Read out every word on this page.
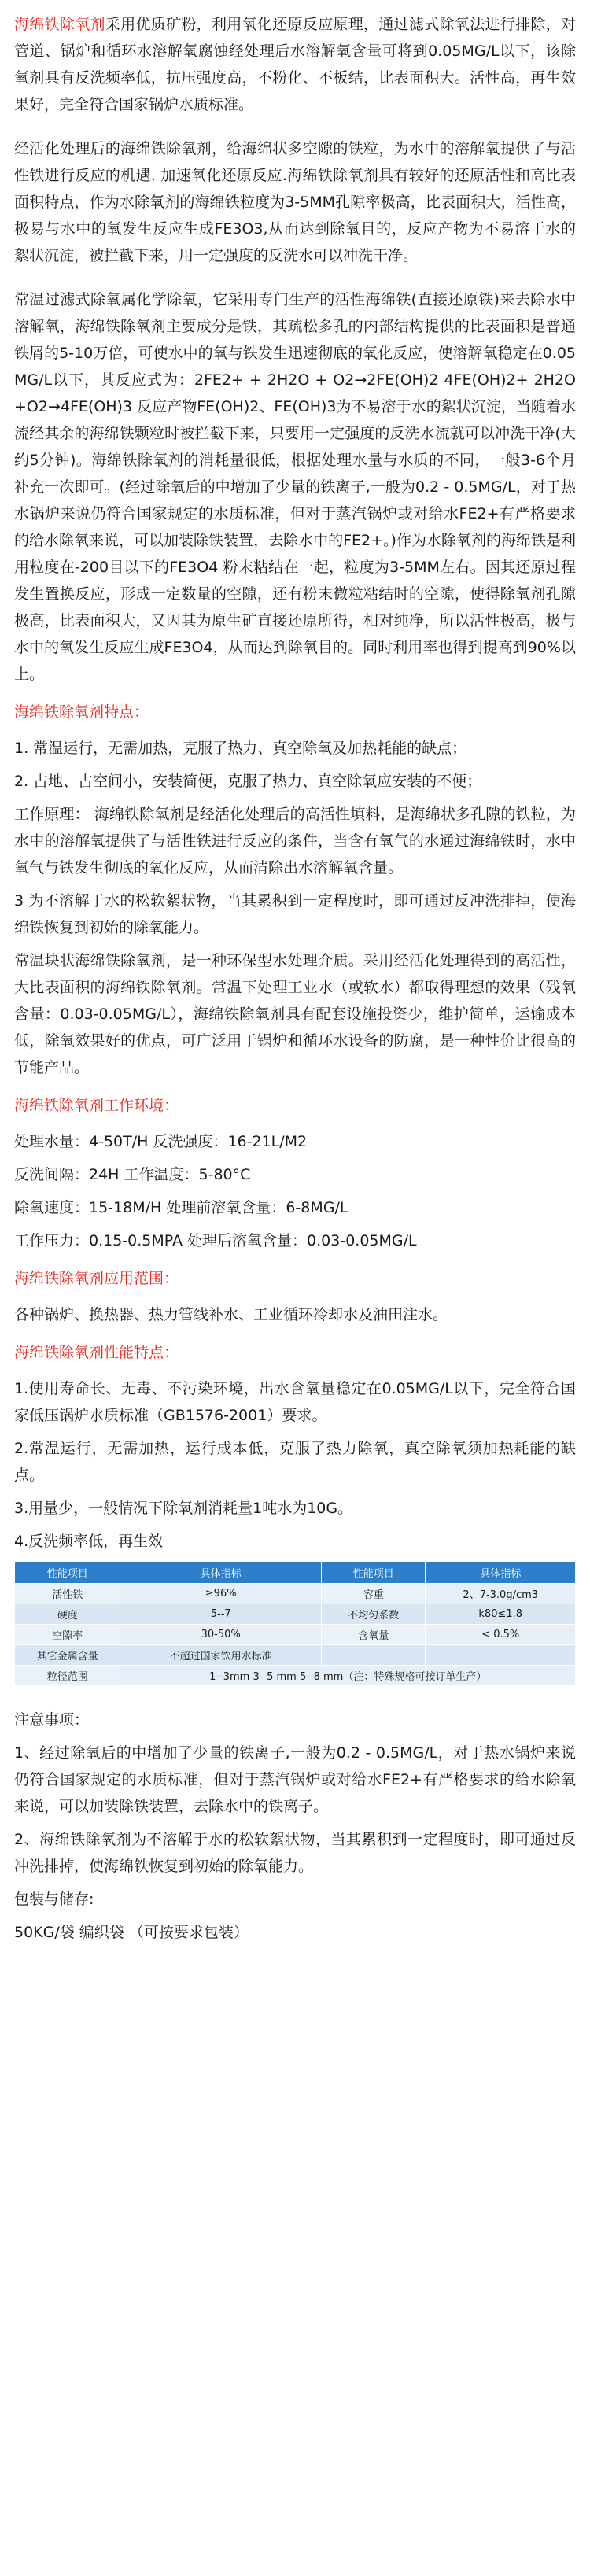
海绵铁除氧剂采用优质矿粉，利用氧化还原反应原理，通过滤式除氧法进行排除，对管道、锅炉和循环水溶解氧腐蚀经处理后水溶解氧含量可将到0.05MG/L以下，该除氧剂具有反洗频率低，抗压强度高，不粉化、不板结，比表面积大。活性高，再生效果好，完全符合国家锅炉水质标准。

经活化处理后的海绵铁除氧剂，给海绵状多空隙的铁粒，为水中的溶解氧提供了与活性铁进行反应的机遇. 加速氧化还原反应.海绵铁除氧剂具有较好的还原活性和高比表面积特点，作为水除氧剂的海绵铁粒度为3-5MM孔隙率极高，比表面积大，活性高，极易与水中的氧发生反应生成FE3O3,从而达到除氧目的，反应产物为不易溶于水的絮状沉淀，被拦截下来，用一定强度的反洗水可以冲洗干净。

常温过滤式除氧属化学除氧，它采用专门生产的活性海绵铁(直接还原铁)来去除水中溶解氧，海绵铁除氧剂主要成分是铁，其疏松多孔的内部结构提供的比表面积是普通铁屑的5-10万倍，可使水中的氧与铁发生迅速彻底的氧化反应，使溶解氧稳定在0.05MG/L以下，其反应式为：2FE2+ + 2H2O + O2→2FE(OH)2 4FE(OH)2+ 2H2O +O2→4FE(OH)3 反应产物FE(OH)2、FE(OH)3为不易溶于水的絮状沉淀，当随着水流经其余的海绵铁颗粒时被拦截下来，只要用一定强度的反洗水流就可以冲洗干净(大约5分钟)。海绵铁除氧剂的消耗量很低，根据处理水量与水质的不同，一般3-6个月补充一次即可。(经过除氧后的中增加了少量的铁离子,一般为0.2 - 0.5MG/L，对于热水锅炉来说仍符合国家规定的水质标准，但对于蒸汽锅炉或对给水FE2+有严格要求的给水除氧来说，可以加装除铁装置，去除水中的FE2+。)作为水除氧剂的海绵铁是利用粒度在-200目以下的FE3O4 粉末粘结在一起，粒度为3-5MM左右。因其还原过程发生置换反应，形成一定数量的空隙，还有粉末微粒粘结时的空隙，使得除氧剂孔隙极高，比表面积大，又因其为原生矿直接还原所得，相对纯净，所以活性极高，极与水中的氧发生反应生成FE3O4，从而达到除氧目的。同时利用率也得到提高到90%以上。

海绵铁除氧剂特点：

1. 常温运行，无需加热，克服了热力、真空除氧及加热耗能的缺点；

2. 占地、占空间小，安装简便，克服了热力、真空除氧应安装的不便；

工作原理： 海绵铁除氧剂是经活化处理后的高活性填料，是海绵状多孔隙的铁粒，为水中的溶解氧提供了与活性铁进行反应的条件，当含有氧气的水通过海绵铁时，水中氧气与铁发生彻底的氧化反应，从而清除出水溶解氧含量。

3 为不溶解于水的松软絮状物，当其累积到一定程度时，即可通过反冲洗排掉，使海绵铁恢复到初始的除氧能力。

常温块状海绵铁除氧剂，是一种环保型水处理介质。采用经活化处理得到的高活性，大比表面积的海绵铁除氧剂。常温下处理工业水（或软水）都取得理想的效果（残氧含量：0.03-0.05MG/L），海绵铁除氧剂具有配套设施投资少，维护简单，运输成本低，除氧效果好的优点，可广泛用于锅炉和循环水设备的防腐，是一种性价比很高的节能产品。

海绵铁除氧剂工作环境：

处理水量：4-50T/H 反洗强度：16-21L/M2

反洗间隔：24H 工作温度：5-80°C

除氧速度：15-18M/H 处理前溶氧含量：6-8MG/L

工作压力：0.15-0.5MPA 处理后溶氧含量：0.03-0.05MG/L

海绵铁除氧剂应用范围：

各种锅炉、换热器、热力管线补水、工业循环冷却水及油田注水。

海绵铁除氧剂性能特点：

1.使用寿命长、无毒、不污染环境，出水含氧量稳定在0.05MG/L以下，完全符合国家低压锅炉水质标准（GB1576-2001）要求。

2.常温运行，无需加热，运行成本低，克服了热力除氧，真空除氧须加热耗能的缺点。

3.用量少，一般情况下除氧剂消耗量1吨水为10G。

4.反洗频率低，再生效

性能项目	具体指标	性能项目	具体指标
活性铁	≥96%	容重	2、7-3.0g/cm3
硬度	5--7	不均匀系数	k80≤1.8
空隙率	30-50%	含氧量	< 0.5%
其它金属含量	不超过国家饮用水标准		
粒径范围	1--3mm 3--5 mm 5--8 mm（注：特殊规格可按订单生产）		

注意事项：

1、经过除氧后的中增加了少量的铁离子,一般为0.2 - 0.5MG/L，对于热水锅炉来说仍符合国家规定的水质标准，但对于蒸汽锅炉或对给水FE2+有严格要求的给水除氧来说，可以加装除铁装置，去除水中的铁离子。

2、海绵铁除氧剂为不溶解于水的松软絮状物，当其累积到一定程度时，即可通过反冲洗排掉，使海绵铁恢复到初始的除氧能力。

包装与储存:

50KG/袋 编织袋 （可按要求包装）
